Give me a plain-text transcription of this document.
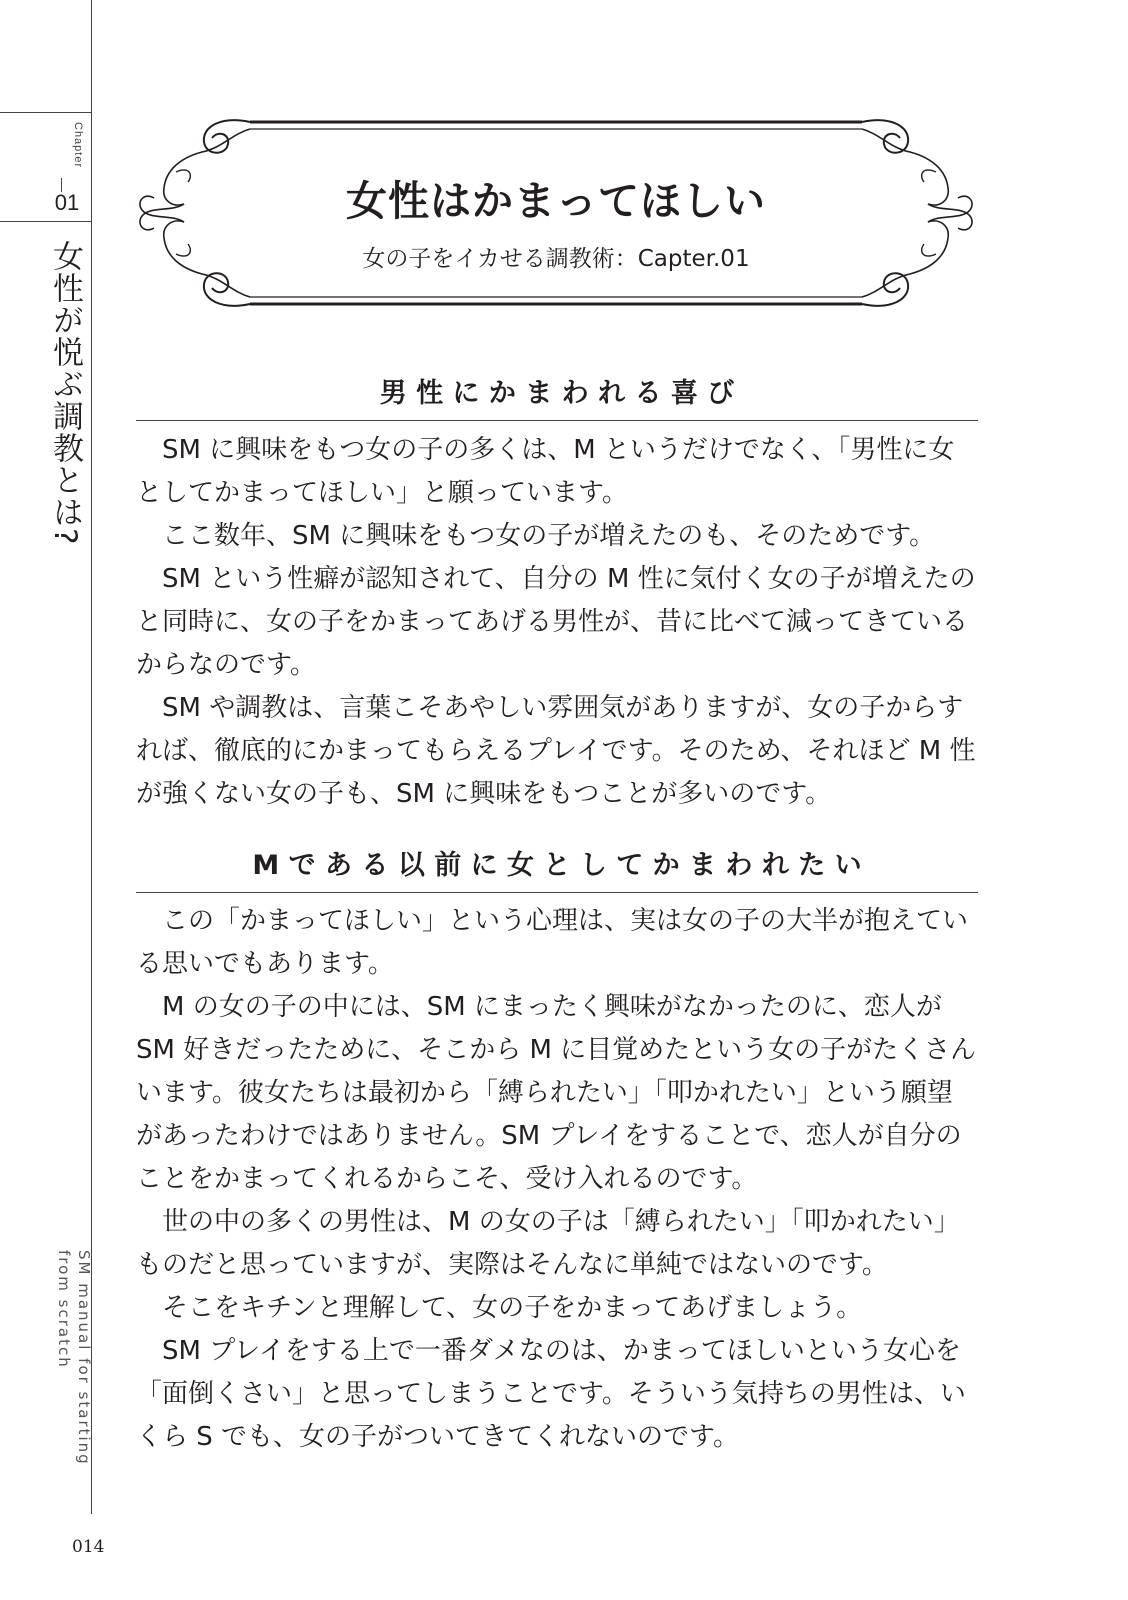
Chapter
01
女性が悦ぶ調教とは?
SM manual for starting from scratch
014
女性はかまってほしい
女の子をイカせる調教術：Capter.01
男 性 に か ま わ れ る 喜 び

SM に興味をもつ女の子の多くは、M というだけでなく、「男性に女としてかまってほしい」と願っています。

ここ数年、SM に興味をもつ女の子が増えたのも、そのためです。

SM という性癖が認知されて、自分の M 性に気付く女の子が増えたのと同時に、女の子をかまってあげる男性が、昔に比べて減ってきているからなのです。

SM や調教は、言葉こそあやしい雰囲気がありますが、女の子からすれば、徹底的にかまってもらえるプレイです。そのため、それほど M 性が強くない女の子も、SM に興味をもつことが多いのです。

M で あ る 以 前 に 女 と し て か ま わ れ た い

この「かまってほしい」という心理は、実は女の子の大半が抱えている思いでもあります。

M の女の子の中には、SM にまったく興味がなかったのに、恋人が SM 好きだったために、そこから M に目覚めたという女の子がたくさんいます。彼女たちは最初から「縛られたい」「叩かれたい」という願望があったわけではありません。SM プレイをすることで、恋人が自分のことをかまってくれるからこそ、受け入れるのです。

世の中の多くの男性は、M の女の子は「縛られたい」「叩かれたい」ものだと思っていますが、実際はそんなに単純ではないのです。

そこをキチンと理解して、女の子をかまってあげましょう。

SM プレイをする上で一番ダメなのは、かまってほしいという女心を「面倒くさい」と思ってしまうことです。そういう気持ちの男性は、いくら S でも、女の子がついてきてくれないのです。
